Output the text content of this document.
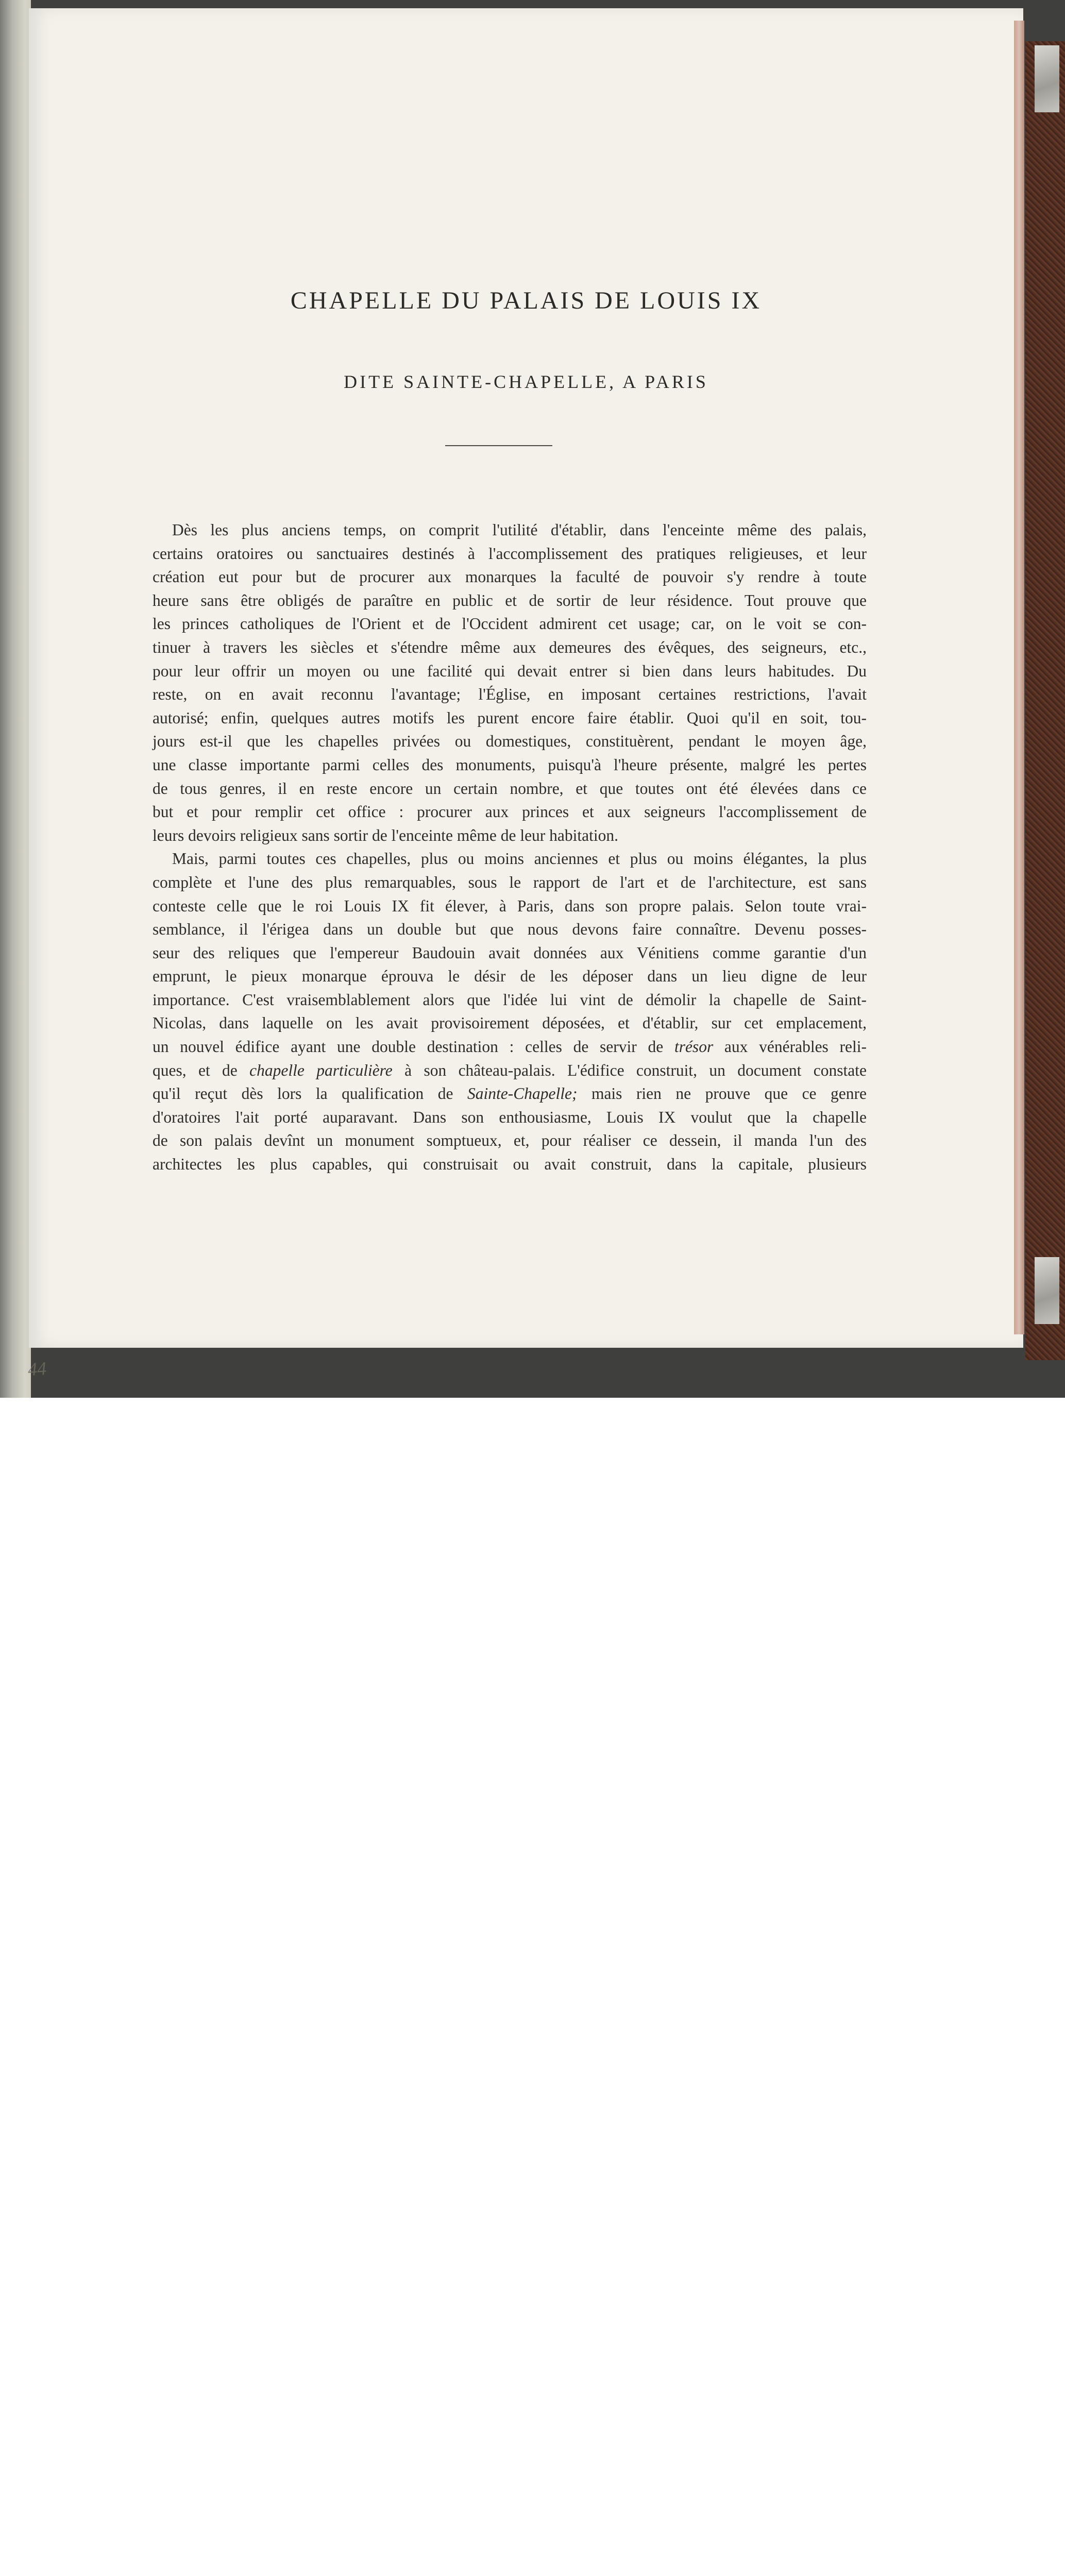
CHAPELLE DU PALAIS DE LOUIS IX
DITE SAINTE-CHAPELLE, A PARIS
Dès les plus anciens temps, on comprit l'utilité d'établir, dans l'enceinte même des palais,
certains oratoires ou sanctuaires destinés à l'accomplissement des pratiques religieuses, et leur
création eut pour but de procurer aux monarques la faculté de pouvoir s'y rendre à toute
heure sans être obligés de paraître en public et de sortir de leur résidence. Tout prouve que
les princes catholiques de l'Orient et de l'Occident admirent cet usage; car, on le voit se con-
tinuer à travers les siècles et s'étendre même aux demeures des évêques, des seigneurs, etc.,
pour leur offrir un moyen ou une facilité qui devait entrer si bien dans leurs habitudes. Du
reste, on en avait reconnu l'avantage; l'Église, en imposant certaines restrictions, l'avait
autorisé; enfin, quelques autres motifs les purent encore faire établir. Quoi qu'il en soit, tou-
jours est-il que les chapelles privées ou domestiques, constituèrent, pendant le moyen âge,
une classe importante parmi celles des monuments, puisqu'à l'heure présente, malgré les pertes
de tous genres, il en reste encore un certain nombre, et que toutes ont été élevées dans ce
but et pour remplir cet office : procurer aux princes et aux seigneurs l'accomplissement de
leurs devoirs religieux sans sortir de l'enceinte même de leur habitation.
Mais, parmi toutes ces chapelles, plus ou moins anciennes et plus ou moins élégantes, la plus
complète et l'une des plus remarquables, sous le rapport de l'art et de l'architecture, est sans
conteste celle que le roi Louis IX fit élever, à Paris, dans son propre palais. Selon toute vrai-
semblance, il l'érigea dans un double but que nous devons faire connaître. Devenu posses-
seur des reliques que l'empereur Baudouin avait données aux Vénitiens comme garantie d'un
emprunt, le pieux monarque éprouva le désir de les déposer dans un lieu digne de leur
importance. C'est vraisemblablement alors que l'idée lui vint de démolir la chapelle de Saint-
Nicolas, dans laquelle on les avait provisoirement déposées, et d'établir, sur cet emplacement,
un nouvel édifice ayant une double destination : celles de servir de trésor aux vénérables reli-
ques, et de chapelle particulière à son château-palais. L'édifice construit, un document constate
qu'il reçut dès lors la qualification de Sainte-Chapelle; mais rien ne prouve que ce genre
d'oratoires l'ait porté auparavant. Dans son enthousiasme, Louis IX voulut que la chapelle
de son palais devînt un monument somptueux, et, pour réaliser ce dessein, il manda l'un des
architectes les plus capables, qui construisait ou avait construit, dans la capitale, plusieurs
44
